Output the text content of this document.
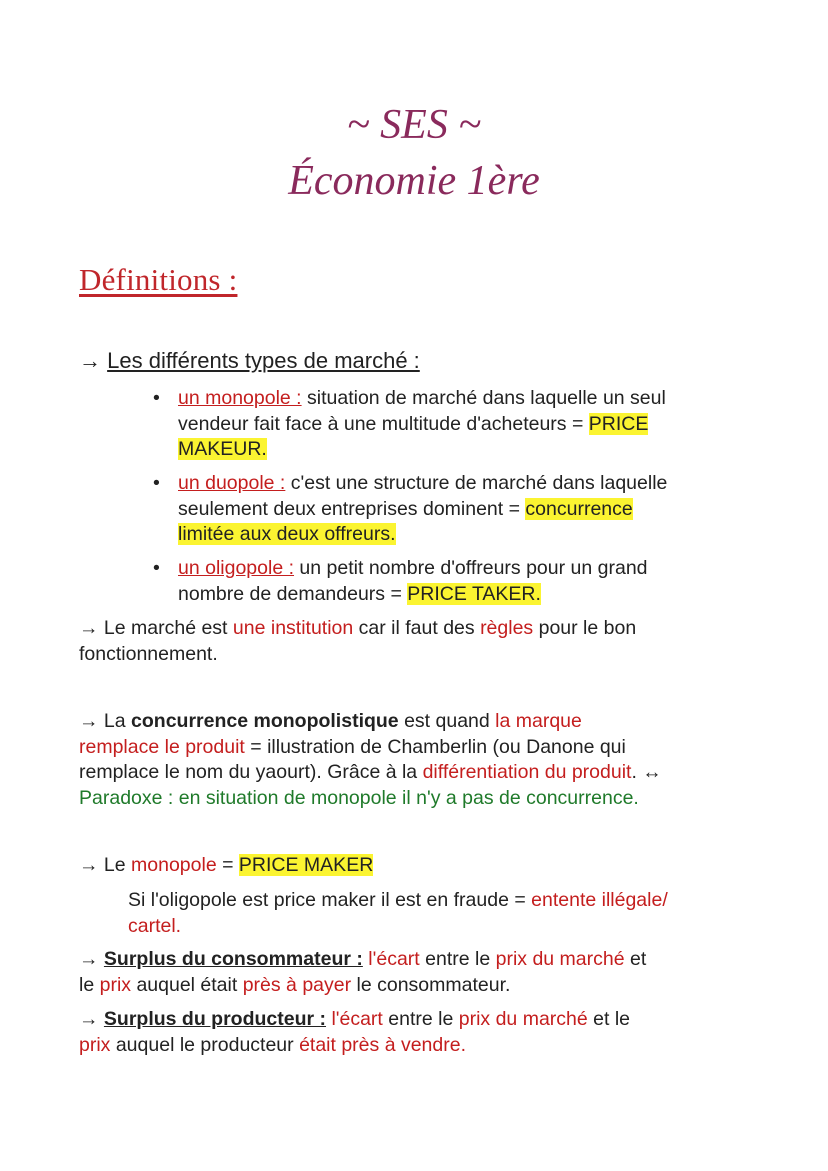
~ SES ~
Économie 1ère
Définitions :
→ Les différents types de marché :
• un monopole : situation de marché dans laquelle un seul
vendeur fait face à une multitude d'acheteurs = PRICE
MAKEUR.
• un duopole : c'est une structure de marché dans laquelle
seulement deux entreprises dominent = concurrence
limitée aux deux offreurs.
• un oligopole : un petit nombre d'offreurs pour un grand
nombre de demandeurs = PRICE TAKER.
→ Le marché est une institution car il faut des règles pour le bon
fonctionnement.
→ La concurrence monopolistique est quand la marque
remplace le produit = illustration de Chamberlin (ou Danone qui
remplace le nom du yaourt). Grâce à la différentiation du produit. ↔
Paradoxe : en situation de monopole il n'y a pas de concurrence.
→ Le monopole = PRICE MAKER
Si l'oligopole est price maker il est en fraude = entente illégale/
cartel.
→ Surplus du consommateur : l'écart entre le prix du marché et
le prix auquel était près à payer le consommateur.
→ Surplus du producteur : l'écart entre le prix du marché et le
prix auquel le producteur était près à vendre.
